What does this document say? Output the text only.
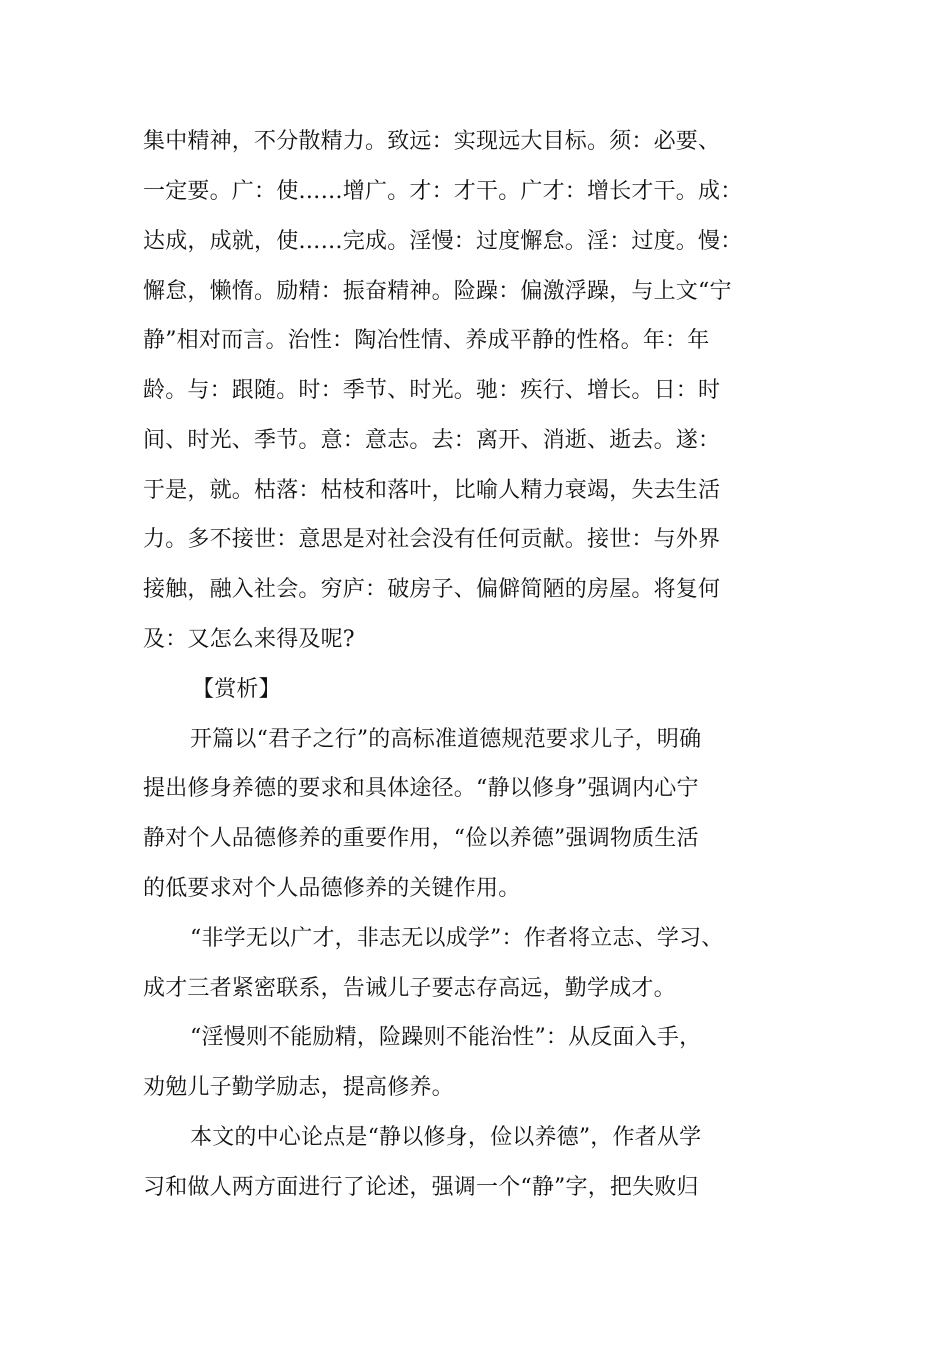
集中精神，不分散精力。致远：实现远大目标。须：必要、
一定要。广：使……增广。才：才干。广才：增长才干。成：
达成，成就，使……完成。淫慢：过度懈怠。淫：过度。慢：
懈怠，懒惰。励精：振奋精神。险躁：偏激浮躁，与上文“宁
静”相对而言。治性：陶冶性情、养成平静的性格。年：年
龄。与：跟随。时：季节、时光。驰：疾行、增长。日：时
间、时光、季节。意：意志。去：离开、消逝、逝去。遂：
于是，就。枯落：枯枝和落叶，比喻人精力衰竭，失去生活
力。多不接世：意思是对社会没有任何贡献。接世：与外界
接触，融入社会。穷庐：破房子、偏僻简陋的房屋。将复何
及：又怎么来得及呢?
【赏析】
开篇以“君子之行”的高标准道德规范要求儿子，明确
提出修身养德的要求和具体途径。“静以修身”强调内心宁
静对个人品德修养的重要作用，“俭以养德”强调物质生活
的低要求对个人品德修养的关键作用。
“非学无以广才，非志无以成学”：作者将立志、学习、
成才三者紧密联系，告诫儿子要志存高远，勤学成才。
“淫慢则不能励精，险躁则不能治性”：从反面入手，
劝勉儿子勤学励志，提高修养。
本文的中心论点是“静以修身，俭以养德”，作者从学
习和做人两方面进行了论述，强调一个“静”字，把失败归
